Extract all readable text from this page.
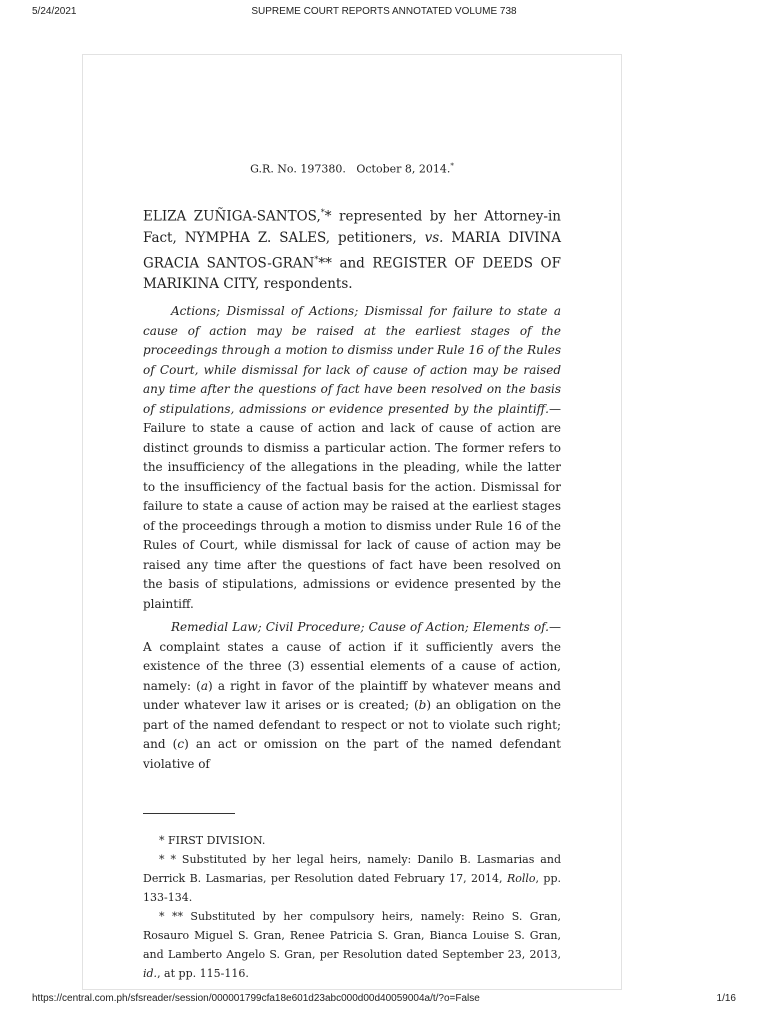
5/24/2021	SUPREME COURT REPORTS ANNOTATED VOLUME 738
G.R. No. 197380. October 8, 2014.*
ELIZA ZUÑIGA-SANTOS,** represented by her Attorney-in Fact, NYMPHA Z. SALES, petitioners, vs. MARIA DIVINA GRACIA SANTOS-GRAN*** and REGISTER OF DEEDS OF MARIKINA CITY, respondents.
Actions; Dismissal of Actions; Dismissal for failure to state a cause of action may be raised at the earliest stages of the proceedings through a motion to dismiss under Rule 16 of the Rules of Court, while dismissal for lack of cause of action may be raised any time after the questions of fact have been resolved on the basis of stipulations, admissions or evidence presented by the plaintiff.—Failure to state a cause of action and lack of cause of action are distinct grounds to dismiss a particular action. The former refers to the insufficiency of the allegations in the pleading, while the latter to the insufficiency of the factual basis for the action. Dismissal for failure to state a cause of action may be raised at the earliest stages of the proceedings through a motion to dismiss under Rule 16 of the Rules of Court, while dismissal for lack of cause of action may be raised any time after the questions of fact have been resolved on the basis of stipulations, admissions or evidence presented by the plaintiff.
Remedial Law; Civil Procedure; Cause of Action; Elements of.—A complaint states a cause of action if it sufficiently avers the existence of the three (3) essential elements of a cause of action, namely: (a) a right in favor of the plaintiff by whatever means and under whatever law it arises or is created; (b) an obligation on the part of the named defendant to respect or not to violate such right; and (c) an act or omission on the part of the named defendant violative of

* FIRST DIVISION.

* * Substituted by her legal heirs, namely: Danilo B. Lasmarias and Derrick B. Lasmarias, per Resolution dated February 17, 2014, Rollo, pp. 133-134.

* ** Substituted by her compulsory heirs, namely: Reino S. Gran, Rosauro Miguel S. Gran, Renee Patricia S. Gran, Bianca Louise S. Gran, and Lamberto Angelo S. Gran, per Resolution dated September 23, 2013, id., at pp. 115-116.

https://central.com.ph/sfsreader/session/000001799cfa18e601d23abc000d00d40059004a/t/?o=False	1/16
